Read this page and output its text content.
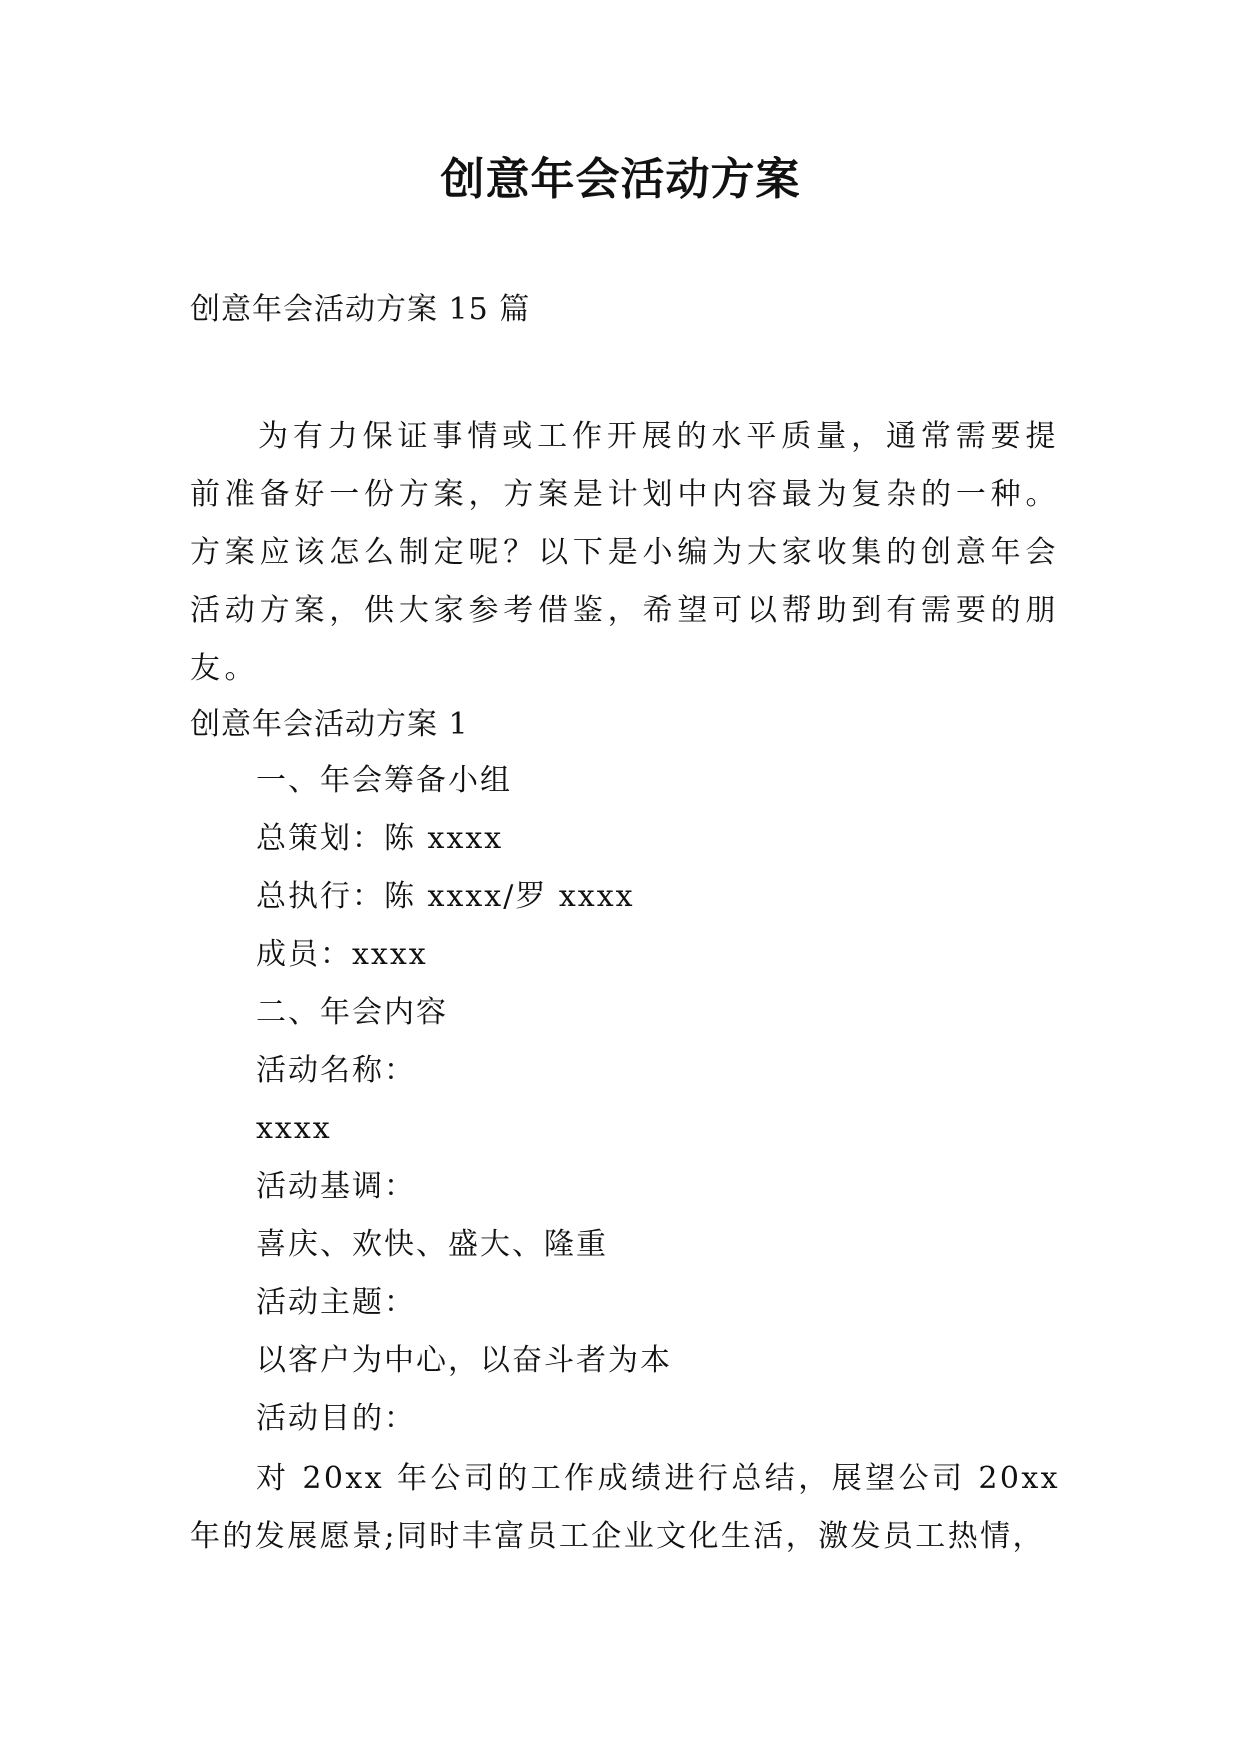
创意年会活动方案
创意年会活动方案 15 篇

为有力保证事情或工作开展的水平质量，通常需要提前准备好一份方案，方案是计划中内容最为复杂的一种。方案应该怎么制定呢？以下是小编为大家收集的创意年会活动方案，供大家参考借鉴，希望可以帮助到有需要的朋友。

创意年会活动方案 1
一、年会筹备小组
总策划：陈 xxxx
总执行：陈 xxxx/罗 xxxx
成员：xxxx
二、年会内容
活动名称：
xxxx
活动基调：
喜庆、欢快、盛大、隆重
活动主题：
以客户为中心，以奋斗者为本
活动目的：

对 20xx 年公司的工作成绩进行总结，展望公司 20xx 年的发展愿景;同时丰富员工企业文化生活，激发员工热情，
